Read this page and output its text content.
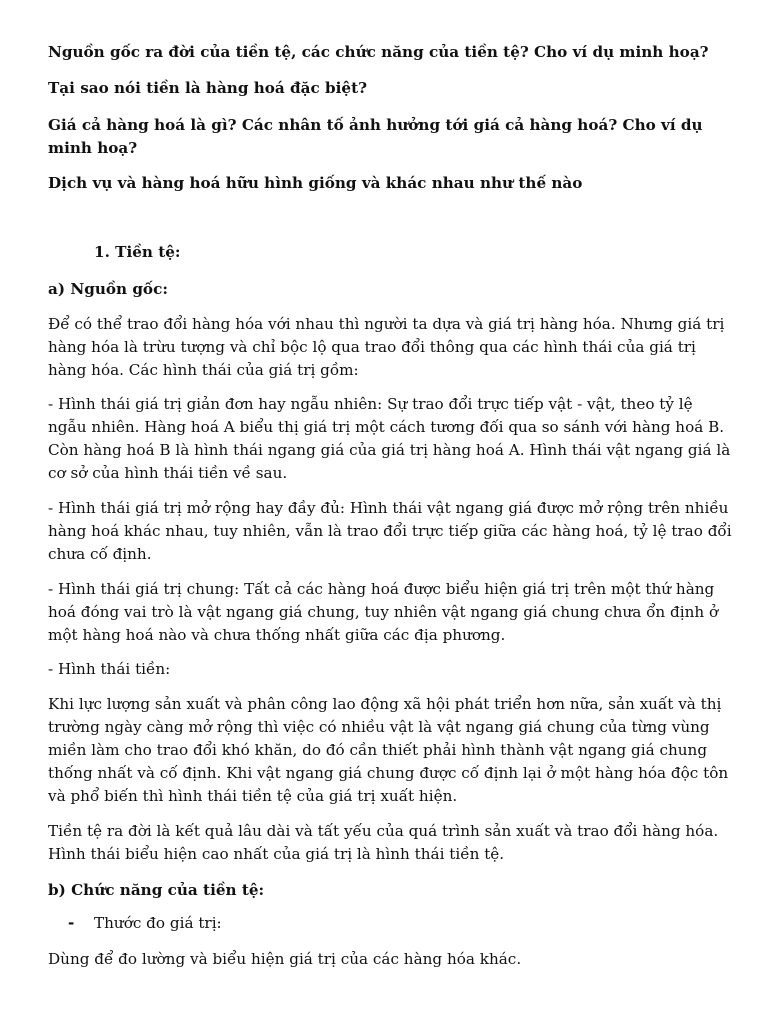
Nguồn gốc ra đời của tiền tệ, các chức năng của tiền tệ? Cho ví dụ minh hoạ?

Tại sao nói tiền là hàng hoá đặc biệt?

Giá cả hàng hoá là gì? Các nhân tố ảnh hưởng tới giá cả hàng hoá? Cho ví dụ minh hoạ?

Dịch vụ và hàng hoá hữu hình giống và khác nhau như thế nào

1. Tiền tệ:

a) Nguồn gốc:

Để có thể trao đổi hàng hóa với nhau thì người ta dựa và giá trị hàng hóa. Nhưng giá trị hàng hóa là trừu tượng và chỉ bộc lộ qua trao đổi thông qua các hình thái của giá trị hàng hóa. Các hình thái của giá trị gồm:

- Hình thái giá trị giản đơn hay ngẫu nhiên: Sự trao đổi trực tiếp vật - vật, theo tỷ lệ ngẫu nhiên. Hàng hoá A biểu thị giá trị một cách tương đối qua so sánh với hàng hoá B. Còn hàng hoá B là hình thái ngang giá của giá trị hàng hoá A. Hình thái vật ngang giá là cơ sở của hình thái tiền về sau.

- Hình thái giá trị mở rộng hay đầy đủ: Hình thái vật ngang giá được mở rộng trên nhiều hàng hoá khác nhau, tuy nhiên, vẫn là trao đổi trực tiếp giữa các hàng hoá, tỷ lệ trao đổi chưa cố định.

- Hình thái giá trị chung: Tất cả các hàng hoá được biểu hiện giá trị trên một thứ hàng hoá đóng vai trò là vật ngang giá chung, tuy nhiên vật ngang giá chung chưa ổn định ở một hàng hoá nào và chưa thống nhất giữa các địa phương.

- Hình thái tiền:

Khi lực lượng sản xuất và phân công lao động xã hội phát triển hơn nữa, sản xuất và thị trường ngày càng mở rộng thì việc có nhiều vật là vật ngang giá chung của từng vùng miền làm cho trao đổi khó khăn, do đó cần thiết phải hình thành vật ngang giá chung thống nhất và cố định. Khi vật ngang giá chung được cố định lại ở một hàng hóa độc tôn và phổ biến thì hình thái tiền tệ của giá trị xuất hiện.

Tiền tệ ra đời là kết quả lâu dài và tất yếu của quá trình sản xuất và trao đổi hàng hóa. Hình thái biểu hiện cao nhất của giá trị là hình thái tiền tệ.

b) Chức năng của tiền tệ:

-	Thước đo giá trị:

Dùng để đo lường và biểu hiện giá trị của các hàng hóa khác.
